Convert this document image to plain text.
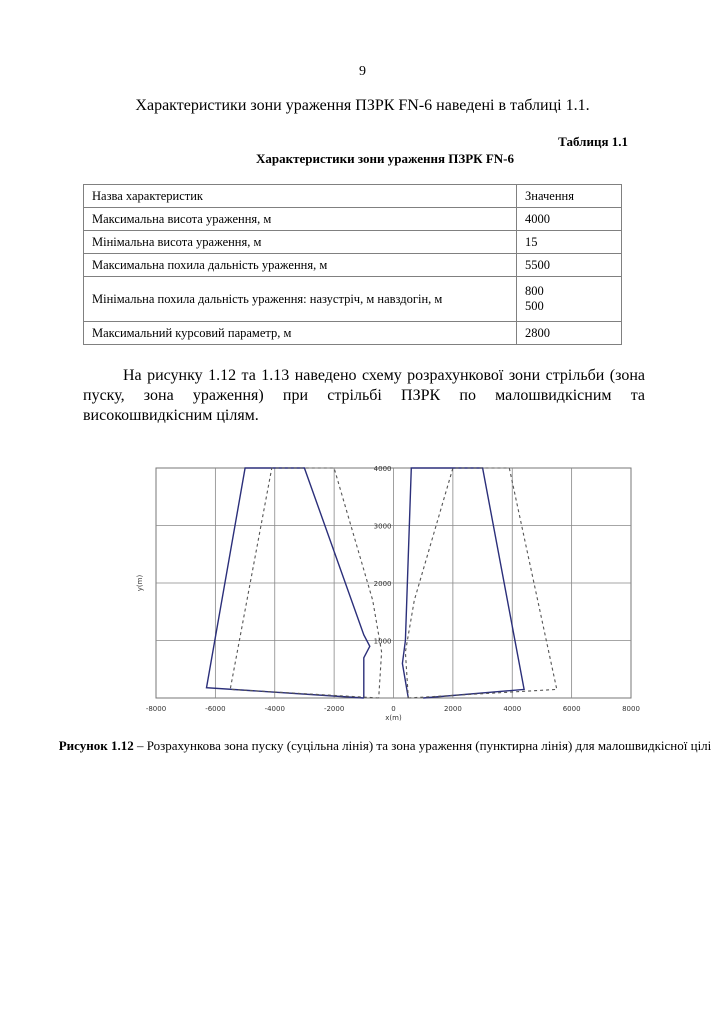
9
Характеристики зони ураження ПЗРК FN-6 наведені в таблиці 1.1.
Таблиця 1.1
Характеристики зони ураження ПЗРК FN-6
Назва характеристик	Значення
Максимальна висота ураження, м	4000
Мінімальна висота ураження, м	15
Максимальна похила дальність ураження, м	5500
Мінімальна похила дальність ураження: назустріч, м навздогін, м	800
500

Максимальний курсовий параметр, м	2800
На рисунку 1.12 та 1.13 наведено схему розрахункової зони стрільби (зона пуску, зона ураження) при стрільбі ПЗРК по малошвидкісним та високошвидкісним цілям.
-8000	-6000	-4000	-2000	0	2000	4000	6000	8000
1000
2000
3000
4000
y(m)
x(m)
Рисунок 1.12 – Розрахункова зона пуску (суцільна лінія) та зона ураження (пунктирна лінія) для малошвидкісної цілі
